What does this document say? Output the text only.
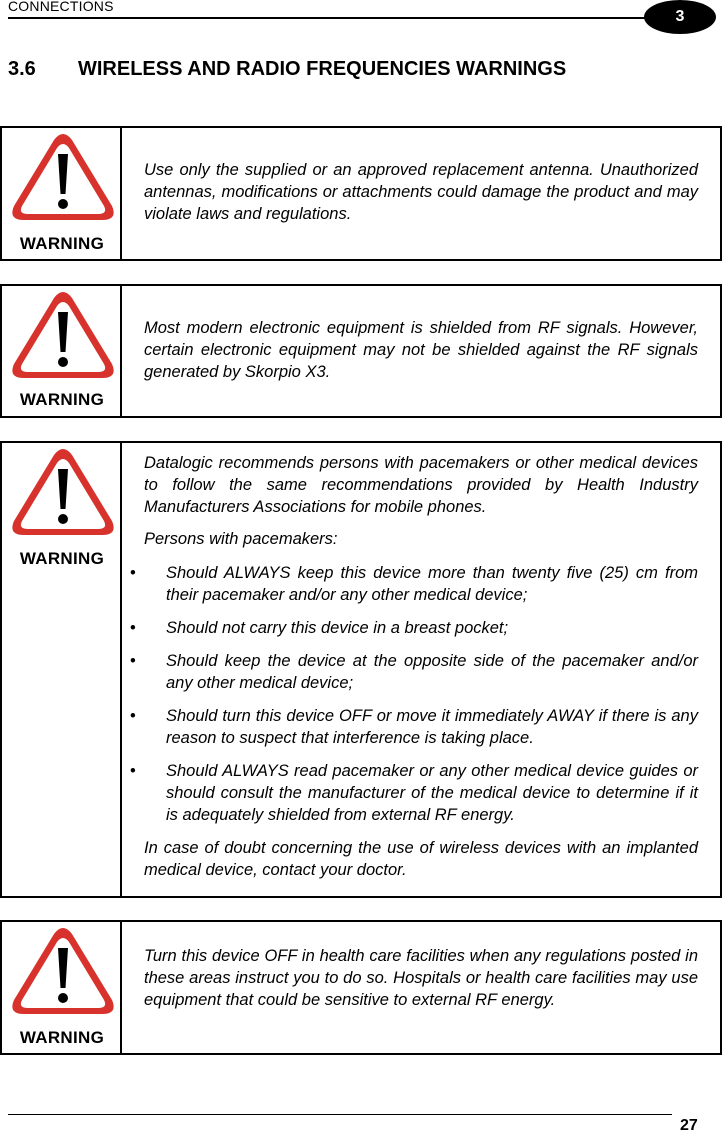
CONNECTIONS
3
3.6 WIRELESS AND RADIO FREQUENCIES WARNINGS
WARNING

Use only the supplied or an approved replacement antenna. Unauthorized antennas, modifications or attachments could damage the product and may violate laws and regulations.

WARNING

Most modern electronic equipment is shielded from RF signals. However, certain electronic equipment may not be shielded against the RF signals generated by Skorpio X3.

WARNING

Datalogic recommends persons with pacemakers or other medical devices to follow the same recommendations provided by Health Industry Manufacturers Associations for mobile phones.

Persons with pacemakers:

• Should ALWAYS keep this device more than twenty five (25) cm from their pacemaker and/or any other medical device;
• Should not carry this device in a breast pocket;
• Should keep the device at the opposite side of the pacemaker and/or any other medical device;
• Should turn this device OFF or move it immediately AWAY if there is any reason to suspect that interference is taking place.
• Should ALWAYS read pacemaker or any other medical device guides or should consult the manufacturer of the medical device to determine if it is adequately shielded from external RF energy.

In case of doubt concerning the use of wireless devices with an implanted medical device, contact your doctor.

WARNING

Turn this device OFF in health care facilities when any regulations posted in these areas instruct you to do so. Hospitals or health care facilities may use equipment that could be sensitive to external RF energy.

27
